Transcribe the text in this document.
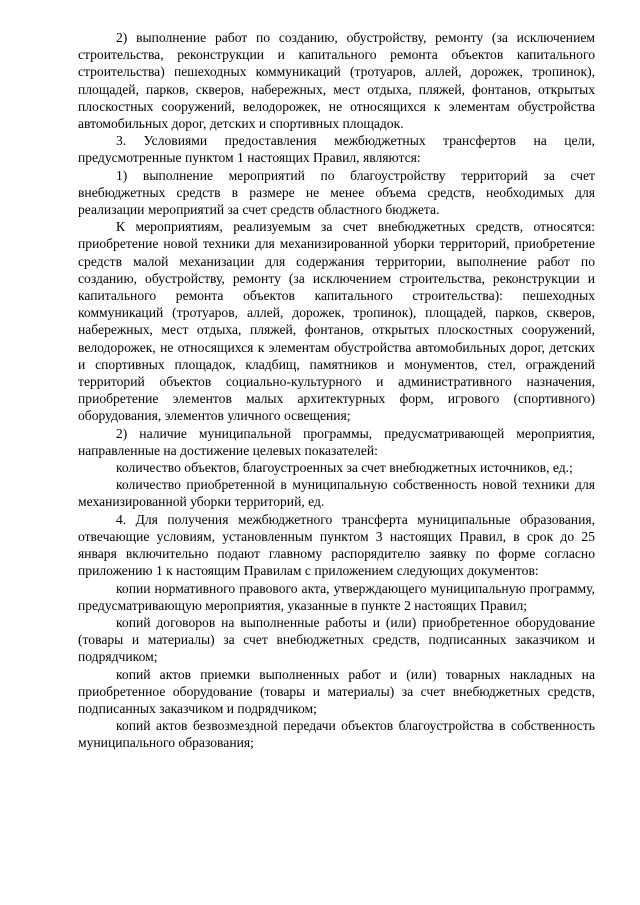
2) выполнение работ по созданию, обустройству, ремонту (за исключением строительства, реконструкции и капитального ремонта объектов капитального строительства) пешеходных коммуникаций (тротуаров, аллей, дорожек, тропинок), площадей, парков, скверов, набережных, мест отдыха, пляжей, фонтанов, открытых плоскостных сооружений, велодорожек, не относящихся к элементам обустройства автомобильных дорог, детских и спортивных площадок.

3. Условиями предоставления межбюджетных трансфертов на цели, предусмотренные пунктом 1 настоящих Правил, являются:

1) выполнение мероприятий по благоустройству территорий за счет внебюджетных средств в размере не менее объема средств, необходимых для реализации мероприятий за счет средств областного бюджета.

К мероприятиям, реализуемым за счет внебюджетных средств, относятся: приобретение новой техники для механизированной уборки территорий, приобретение средств малой механизации для содержания территории, выполнение работ по созданию, обустройству, ремонту (за исключением строительства, реконструкции и капитального ремонта объектов капитального строительства): пешеходных коммуникаций (тротуаров, аллей, дорожек, тропинок), площадей, парков, скверов, набережных, мест отдыха, пляжей, фонтанов, открытых плоскостных сооружений, велодорожек, не относящихся к элементам обустройства автомобильных дорог, детских и спортивных площадок, кладбищ, памятников и монументов, стел, ограждений территорий объектов социально-культурного и административного назначения, приобретение элементов малых архитектурных форм, игрового (спортивного) оборудования, элементов уличного освещения;

2) наличие муниципальной программы, предусматривающей мероприятия, направленные на достижение целевых показателей:

количество объектов, благоустроенных за счет внебюджетных источников, ед.;

количество приобретенной в муниципальную собственность новой техники для механизированной уборки территорий, ед.

4. Для получения межбюджетного трансферта муниципальные образования, отвечающие условиям, установленным пунктом 3 настоящих Правил, в срок до 25 января включительно подают главному распорядителю заявку по форме согласно приложению 1 к настоящим Правилам с приложением следующих документов:

копии нормативного правового акта, утверждающего муниципальную программу, предусматривающую мероприятия, указанные в пункте 2 настоящих Правил;

копий договоров на выполненные работы и (или) приобретенное оборудование (товары и материалы) за счет внебюджетных средств, подписанных заказчиком и подрядчиком;

копий актов приемки выполненных работ и (или) товарных накладных на приобретенное оборудование (товары и материалы) за счет внебюджетных средств, подписанных заказчиком и подрядчиком;

копий актов безвозмездной передачи объектов благоустройства в собственность муниципального образования;
